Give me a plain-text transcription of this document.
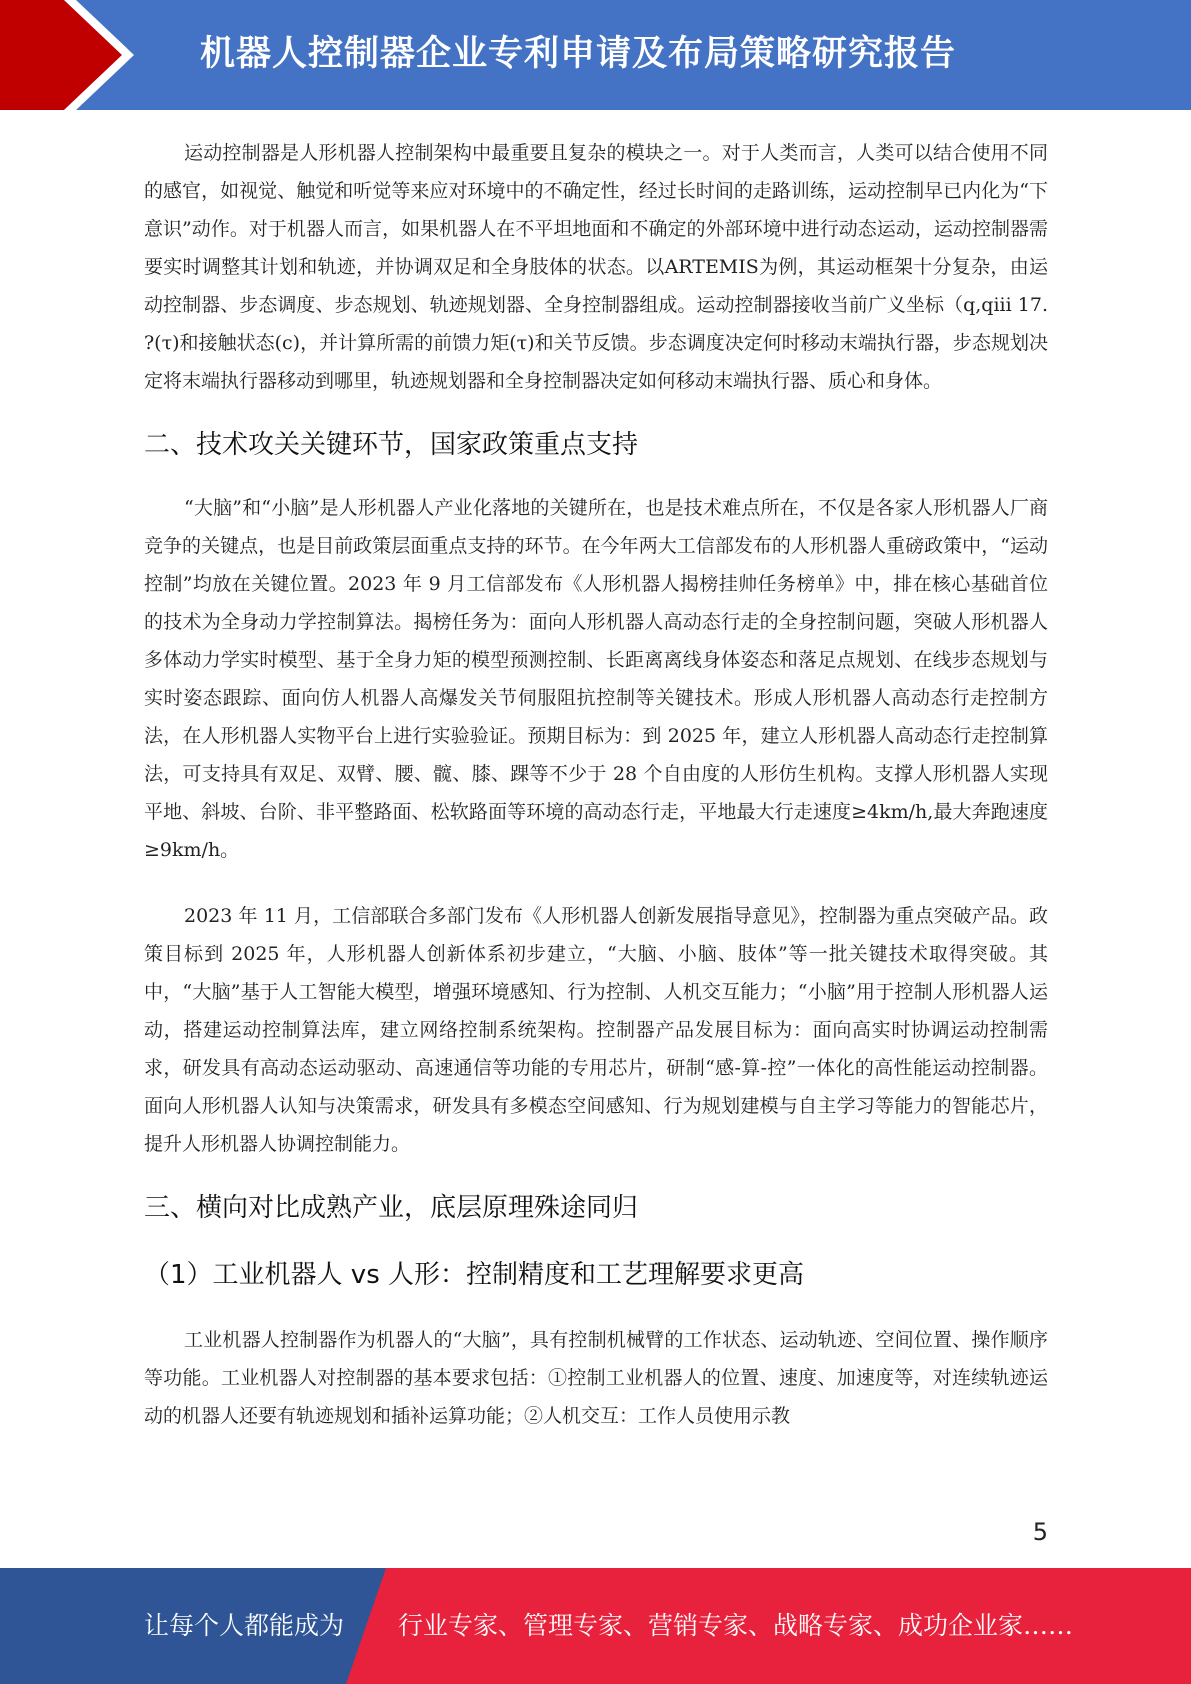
机器人控制器企业专利申请及布局策略研究报告

运动控制器是人形机器人控制架构中最重要且复杂的模块之一。对于人类而言，人类可以结合使用不同的感官，如视觉、触觉和听觉等来应对环境中的不确定性，经过长时间的走路训练，运动控制早已内化为“下意识”动作。对于机器人而言，如果机器人在不平坦地面和不确定的外部环境中进行动态运动，运动控制器需要实时调整其计划和轨迹，并协调双足和全身肢体的状态。以ARTEMIS为例，其运动框架十分复杂，由运动控制器、步态调度、步态规划、轨迹规划器、全身控制器组成。运动控制器接收当前广义坐标（q,qiii 17. ?(τ)和接触状态(c)，并计算所需的前馈力矩(τ)和关节反馈。步态调度决定何时移动末端执行器，步态规划决定将末端执行器移动到哪里，轨迹规划器和全身控制器决定如何移动末端执行器、质心和身体。

二、技术攻关关键环节，国家政策重点支持

“大脑”和“小脑”是人形机器人产业化落地的关键所在，也是技术难点所在，不仅是各家人形机器人厂商竞争的关键点，也是目前政策层面重点支持的环节。在今年两大工信部发布的人形机器人重磅政策中，“运动控制”均放在关键位置。2023 年 9 月工信部发布《人形机器人揭榜挂帅任务榜单》中，排在核心基础首位的技术为全身动力学控制算法。揭榜任务为：面向人形机器人高动态行走的全身控制问题，突破人形机器人多体动力学实时模型、基于全身力矩的模型预测控制、长距离离线身体姿态和落足点规划、在线步态规划与实时姿态跟踪、面向仿人机器人高爆发关节伺服阻抗控制等关键技术。形成人形机器人高动态行走控制方法，在人形机器人实物平台上进行实验验证。预期目标为：到 2025 年，建立人形机器人高动态行走控制算法，可支持具有双足、双臂、腰、髋、膝、踝等不少于 28 个自由度的人形仿生机构。支撑人形机器人实现平地、斜坡、台阶、非平整路面、松软路面等环境的高动态行走，平地最大行走速度≥4km/h,最大奔跑速度≥9km/h。

2023 年 11 月，工信部联合多部门发布《人形机器人创新发展指导意见》，控制器为重点突破产品。政策目标到 2025 年，人形机器人创新体系初步建立，“大脑、小脑、肢体”等一批关键技术取得突破。其中，“大脑”基于人工智能大模型，增强环境感知、行为控制、人机交互能力；“小脑”用于控制人形机器人运动，搭建运动控制算法库，建立网络控制系统架构。控制器产品发展目标为：面向高实时协调运动控制需求，研发具有高动态运动驱动、高速通信等功能的专用芯片，研制“感-算-控”一体化的高性能运动控制器。面向人形机器人认知与决策需求，研发具有多模态空间感知、行为规划建模与自主学习等能力的智能芯片，提升人形机器人协调控制能力。

三、横向对比成熟产业，底层原理殊途同归
（1）工业机器人 vs 人形：控制精度和工艺理解要求更高

工业机器人控制器作为机器人的“大脑”，具有控制机械臂的工作状态、运动轨迹、空间位置、操作顺序等功能。工业机器人对控制器的基本要求包括：①控制工业机器人的位置、速度、加速度等，对连续轨迹运动的机器人还要有轨迹规划和插补运算功能；②人机交互：工作人员使用示教

5
让每个人都能成为 行业专家、管理专家、营销专家、战略专家、成功企业家……
